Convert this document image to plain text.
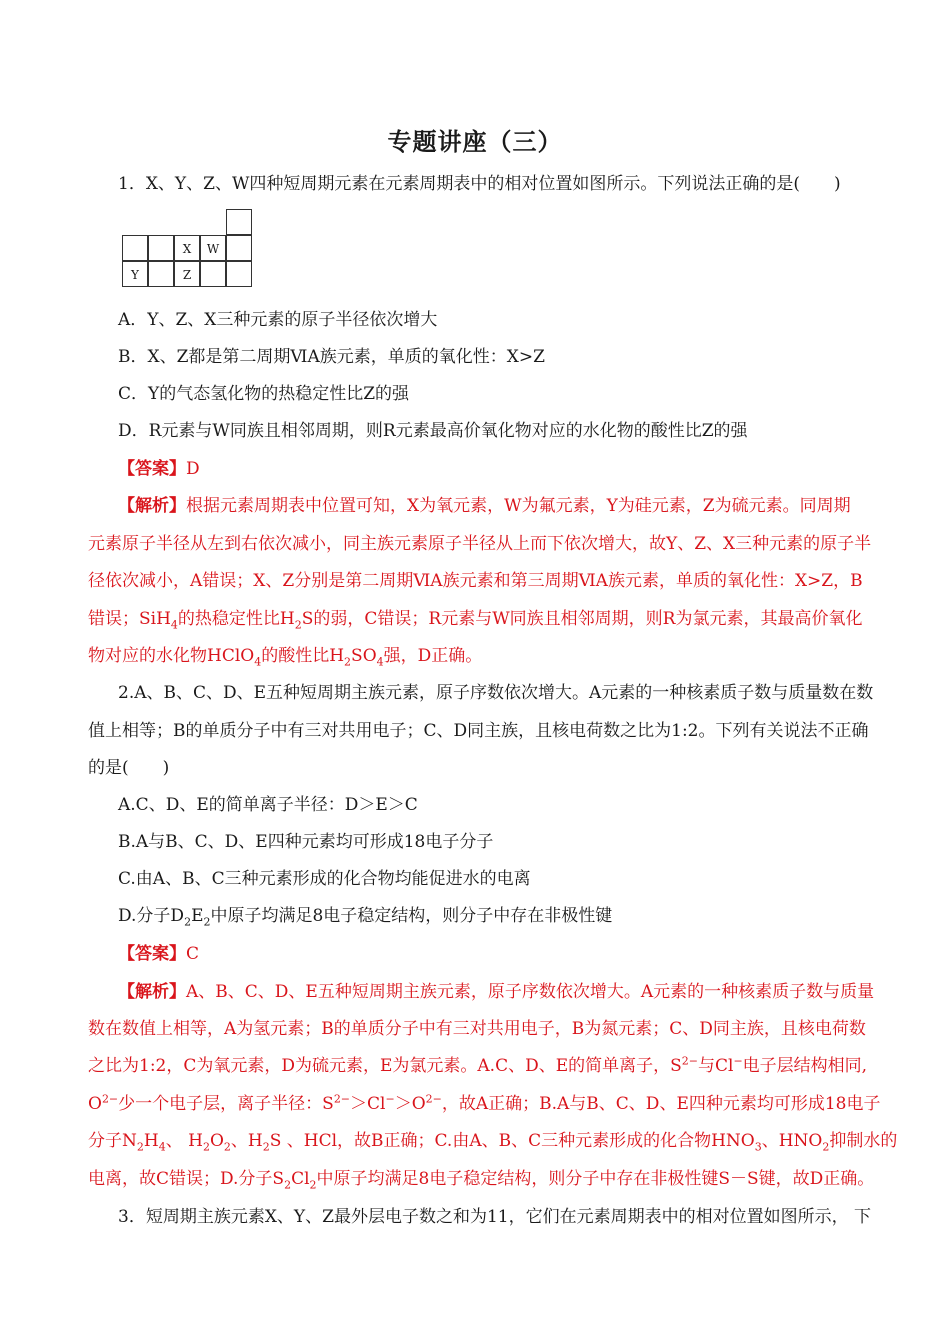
专题讲座（三）
1．X、Y、Z、W四种短周期元素在元素周期表中的相对位置如图所示。下列说法正确的是(　　)
X	W
Y	Z
A．Y、Z、X三种元素的原子半径依次增大
B．X、Z都是第二周期ⅥA族元素，单质的氧化性：X>Z
C．Y的气态氢化物的热稳定性比Z的强
D．R元素与W同族且相邻周期，则R元素最高价氧化物对应的水化物的酸性比Z的强
【答案】D
【解析】根据元素周期表中位置可知，X为氧元素，W为氟元素，Y为硅元素，Z为硫元素。同周期
元素原子半径从左到右依次减小，同主族元素原子半径从上而下依次增大，故Y、Z、X三种元素的原子半
径依次减小，A错误；X、Z分别是第二周期ⅥA族元素和第三周期ⅥA族元素，单质的氧化性：X>Z，B
错误；SiH$_4$的热稳定性比$H_2S$的弱，C错误；R元素与W同族且相邻周期，则R为氯元素，其最高价氧化
物对应的水化物HClO$_4$的酸性比$H_2SO_4$强，D正确。
2.A、B、C、D、E五种短周期主族元素，原子序数依次增大。A元素的一种核素质子数与质量数在数
值上相等；B的单质分子中有三对共用电子；C、D同主族，且核电荷数之比为1:2。下列有关说法不正确
的是(　　)
A.C、D、E的简单离子半径：D＞E＞C
B.A与B、C、D、E四种元素均可形成18电子分子
C.由A、B、C三种元素形成的化合物均能促进水的电离
D.分子$D_2E_2$中原子均满足8电子稳定结构，则分子中存在非极性键
【答案】C
【解析】A、B、C、D、E五种短周期主族元素，原子序数依次增大。A元素的一种核素质子数与质量
数在数值上相等，A为氢元素；B的单质分子中有三对共用电子，B为氮元素；C、D同主族，且核电荷数
之比为1:2，C为氧元素，D为硫元素，E为氯元素。A.C、D、E的简单离子，$S^{2-}$与Cl−电子层结构相同,
$O^{2-}$少一个电子层，离子半径：$S^{2-}>Cl^->O^{2-}$，故A正确；B.A与B、C、D、E四种元素均可形成18电子
分子$N_2H_4$、 $H_2O_2$、$H_2S$ 、HCl，故B正确；C.由A、B、C三种元素形成的化合物$HNO_3$、$HNO_2$抑制水的
电离，故C错误；D.分子$S_2Cl_2$中原子均满足8电子稳定结构，则分子中存在非极性键S－S键，故D正确。
3．短周期主族元素X、Y、Z最外层电子数之和为11，它们在元素周期表中的相对位置如图所示， 下
